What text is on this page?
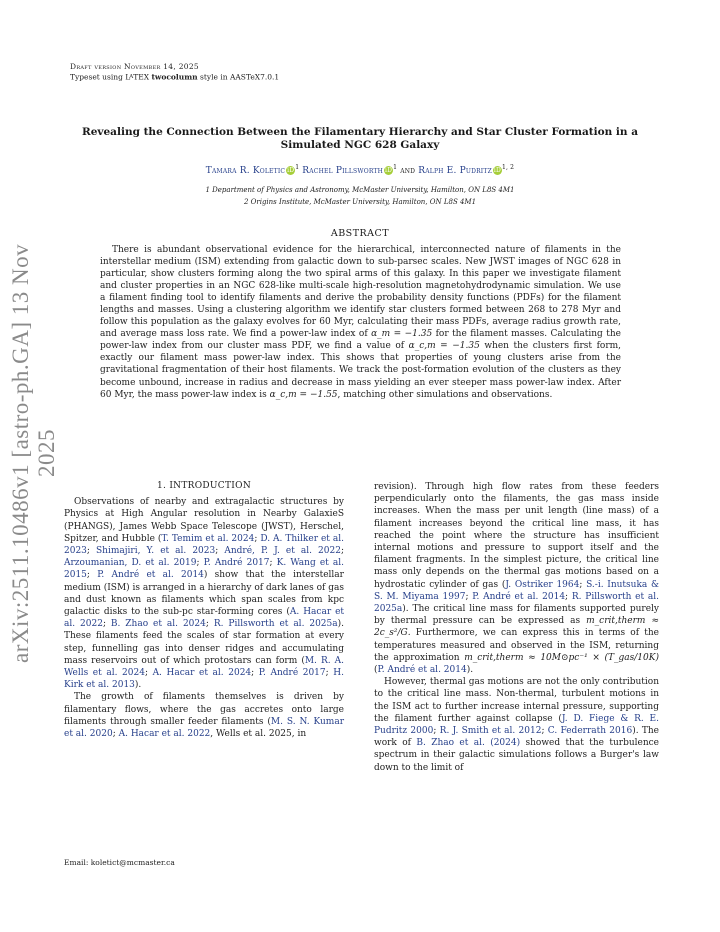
arXiv:2511.10486v1 [astro-ph.GA] 13 Nov 2025
Draft version November 14, 2025
Typeset using $L^ATEX$ twocolumn style in AASTeX7.0.1
Revealing the Connection Between the Filamentary Hierarchy and Star Cluster Formation in a
Simulated NGC 628 Galaxy
Tamara R. Koletic $iD^1$ Rachel Pillsworth $iD^1$ and Ralph E. Pudritz iD$^{1, 2}$
1 Department of Physics and Astronomy, McMaster University, Hamilton, ON L8S 4M1
2 Origins Institute, McMaster University, Hamilton, ON L8S 4M1
ABSTRACT
There is abundant observational evidence for the hierarchical, interconnected nature of filaments in the interstellar medium (ISM) extending from galactic down to sub-parsec scales. New JWST images of NGC 628 in particular, show clusters forming along the two spiral arms of this galaxy. In this paper we investigate filament and cluster properties in an NGC 628-like multi-scale high-resolution magnetohydrodynamic simulation. We use a filament finding tool to identify filaments and derive the probability density functions (PDFs) for the filament lengths and masses. Using a clustering algorithm we identify star clusters formed between 268 to 278 Myr and follow this population as the galaxy evolves for 60 Myr, calculating their mass PDFs, average radius growth rate, and average mass loss rate. We find a power-law index of α_m = −1.35 for the filament masses. Calculating the power-law index from our cluster mass PDF, we find a value of α_c,m = −1.35 when the clusters first form, exactly our filament mass power-law index. This shows that properties of young clusters arise from the gravitational fragmentation of their host filaments. We track the post-formation evolution of the clusters as they become unbound, increase in radius and decrease in mass yielding an ever steeper mass power-law index. After 60 Myr, the mass power-law index is α_c,m = −1.55, matching other simulations and observations.
1. INTRODUCTION

Observations of nearby and extragalactic structures by Physics at High Angular resolution in Nearby GalaxieS (PHANGS), James Webb Space Telescope (JWST), Herschel, Spitzer, and Hubble (T. Temim et al. 2024; D. A. Thilker et al. 2023; Shimajiri, Y. et al. 2023; André, P. J. et al. 2022; Arzoumanian, D. et al. 2019; P. André 2017; K. Wang et al. 2015; P. André et al. 2014) show that the interstellar medium (ISM) is arranged in a hierarchy of dark lanes of gas and dust known as filaments which span scales from kpc galactic disks to the sub-pc star-forming cores (A. Hacar et al. 2022; B. Zhao et al. 2024; R. Pillsworth et al. 2025a). These filaments feed the scales of star formation at every step, funnelling gas into denser ridges and accumulating mass reservoirs out of which protostars can form (M. R. A. Wells et al. 2024; A. Hacar et al. 2024; P. André 2017; H. Kirk et al. 2013).

The growth of filaments themselves is driven by filamentary flows, where the gas accretes onto large filaments through smaller feeder filaments (M. S. N. Kumar et al. 2020; A. Hacar et al. 2022, Wells et al. 2025, in

revision). Through high flow rates from these feeders perpendicularly onto the filaments, the gas mass inside increases. When the mass per unit length (line mass) of a filament increases beyond the critical line mass, it has reached the point where the structure has insufficient internal motions and pressure to support itself and the filament fragments. In the simplest picture, the critical line mass only depends on the thermal gas motions based on a hydrostatic cylinder of gas (J. Ostriker 1964; S.-i. Inutsuka & S. M. Miyama 1997; P. André et al. 2014; R. Pillsworth et al. 2025a). The critical line mass for filaments supported purely by thermal pressure can be expressed as m_crit,therm ≈ 2c_s²/G. Furthermore, we can express this in terms of the temperatures measured and observed in the ISM, returning the approximation m_crit,therm ≈ 10M⊙pc⁻¹ × (T_gas/10K) (P. André et al. 2014).

However, thermal gas motions are not the only contribution to the critical line mass. Non-thermal, turbulent motions in the ISM act to further increase internal pressure, supporting the filament further against collapse (J. D. Fiege & R. E. Pudritz 2000; R. J. Smith et al. 2012; C. Federrath 2016). The work of B. Zhao et al. (2024) showed that the turbulence spectrum in their galactic simulations follows a Burger's law down to the limit of

Email: koletict@mcmaster.ca
